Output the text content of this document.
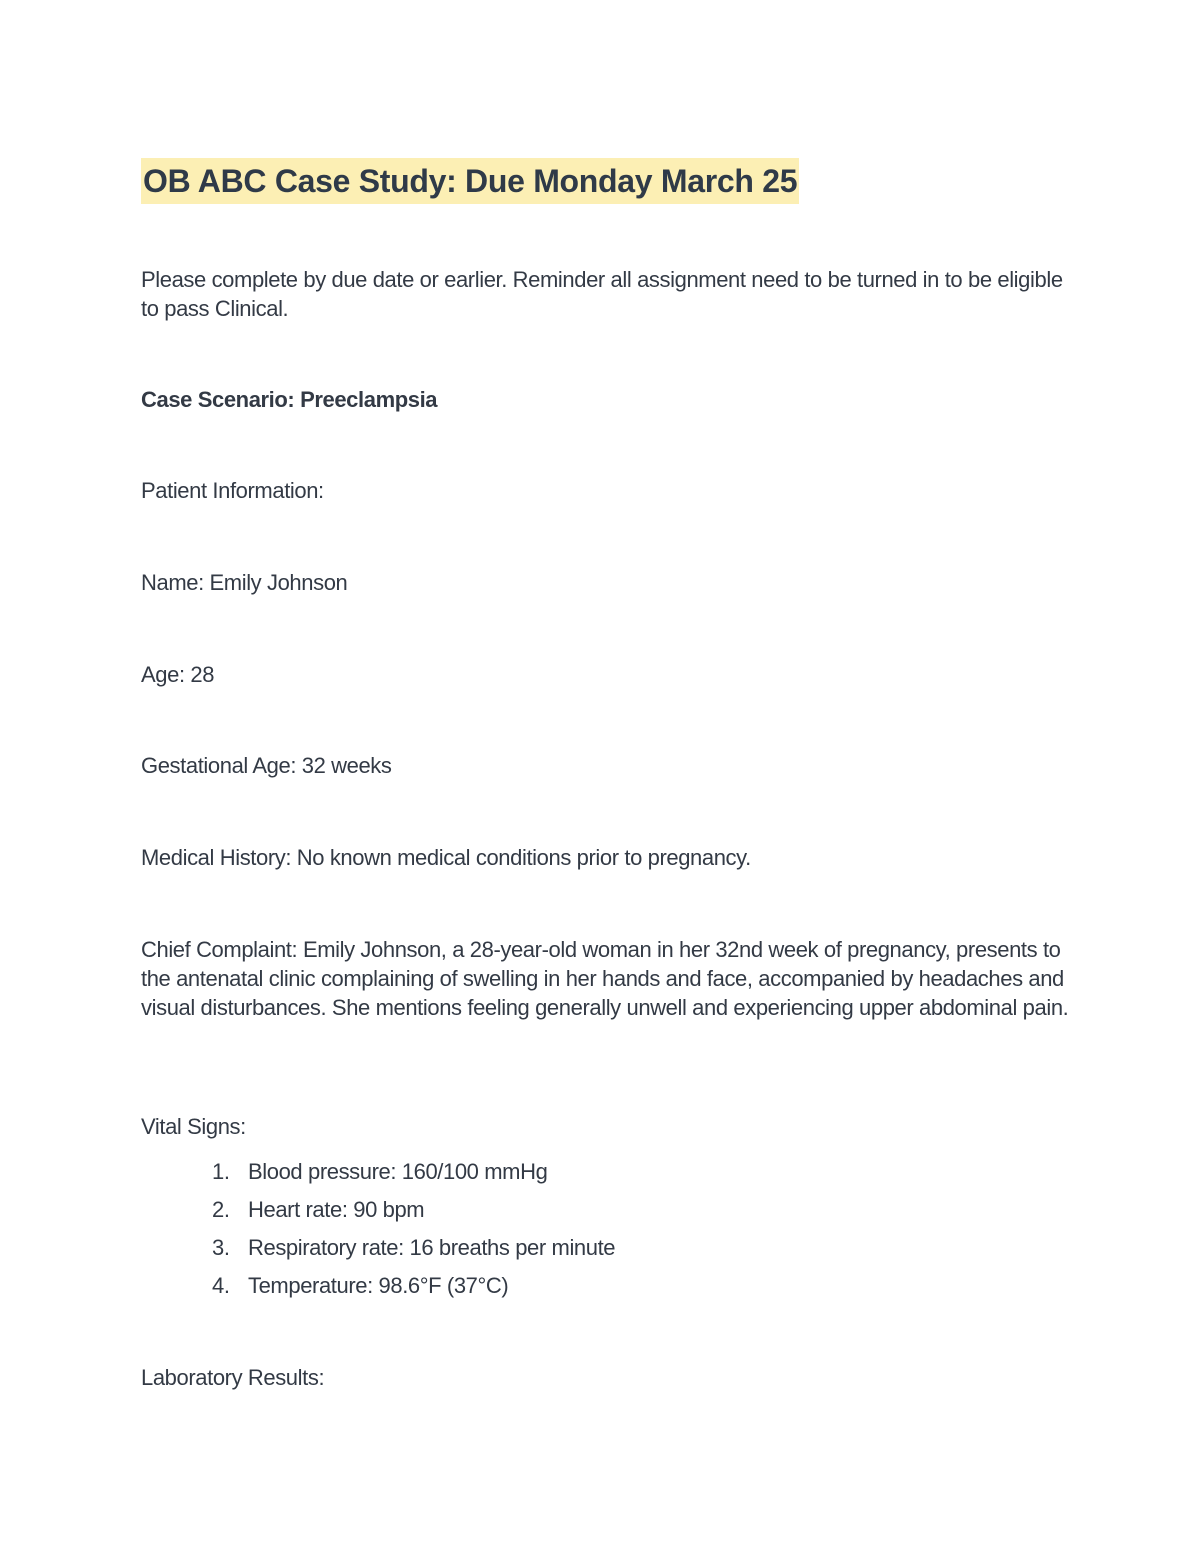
OB ABC Case Study: Due Monday March 25

Please complete by due date or earlier. Reminder all assignment need to be turned in to be eligible to pass Clinical.

Case Scenario: Preeclampsia

Patient Information:

Name: Emily Johnson

Age: 28

Gestational Age: 32 weeks

Medical History: No known medical conditions prior to pregnancy.

Chief Complaint: Emily Johnson, a 28-year-old woman in her 32nd week of pregnancy, presents to the antenatal clinic complaining of swelling in her hands and face, accompanied by headaches and visual disturbances. She mentions feeling generally unwell and experiencing upper abdominal pain.

Vital Signs:

1. Blood pressure: 160/100 mmHg
2. Heart rate: 90 bpm
3. Respiratory rate: 16 breaths per minute
4. Temperature: 98.6°F (37°C)

Laboratory Results:
